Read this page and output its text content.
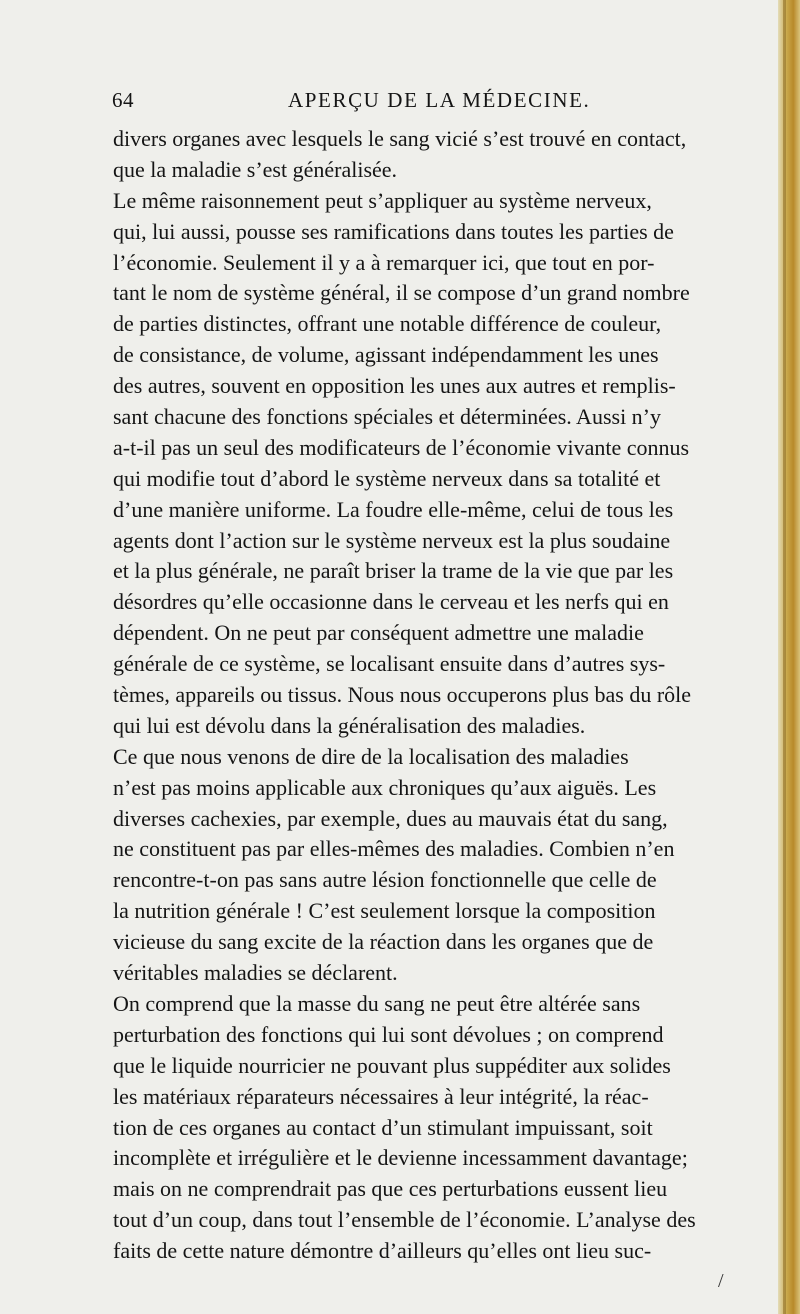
64	APERÇU DE LA MÉDECINE.
divers organes avec lesquels le sang vicié s’est trouvé en contact,
que la maladie s’est généralisée.
Le même raisonnement peut s’appliquer au système nerveux,
qui, lui aussi, pousse ses ramifications dans toutes les parties de
l’économie. Seulement il y a à remarquer ici, que tout en por-
tant le nom de système général, il se compose d’un grand nombre
de parties distinctes, offrant une notable différence de couleur,
de consistance, de volume, agissant indépendamment les unes
des autres, souvent en opposition les unes aux autres et remplis-
sant chacune des fonctions spéciales et déterminées. Aussi n’y
a-t-il pas un seul des modificateurs de l’économie vivante connus
qui modifie tout d’abord le système nerveux dans sa totalité et
d’une manière uniforme. La foudre elle-même, celui de tous les
agents dont l’action sur le système nerveux est la plus soudaine
et la plus générale, ne paraît briser la trame de la vie que par les
désordres qu’elle occasionne dans le cerveau et les nerfs qui en
dépendent. On ne peut par conséquent admettre une maladie
générale de ce système, se localisant ensuite dans d’autres sys-
tèmes, appareils ou tissus. Nous nous occuperons plus bas du rôle
qui lui est dévolu dans la généralisation des maladies.
Ce que nous venons de dire de la localisation des maladies
n’est pas moins applicable aux chroniques qu’aux aiguës. Les
diverses cachexies, par exemple, dues au mauvais état du sang,
ne constituent pas par elles-mêmes des maladies. Combien n’en
rencontre-t-on pas sans autre lésion fonctionnelle que celle de
la nutrition générale ! C’est seulement lorsque la composition
vicieuse du sang excite de la réaction dans les organes que de
véritables maladies se déclarent.
On comprend que la masse du sang ne peut être altérée sans
perturbation des fonctions qui lui sont dévolues ; on comprend
que le liquide nourricier ne pouvant plus suppéditer aux solides
les matériaux réparateurs nécessaires à leur intégrité, la réac-
tion de ces organes au contact d’un stimulant impuissant, soit
incomplète et irrégulière et le devienne incessamment davantage;
mais on ne comprendrait pas que ces perturbations eussent lieu
tout d’un coup, dans tout l’ensemble de l’économie. L’analyse des
faits de cette nature démontre d’ailleurs qu’elles ont lieu suc-
/
